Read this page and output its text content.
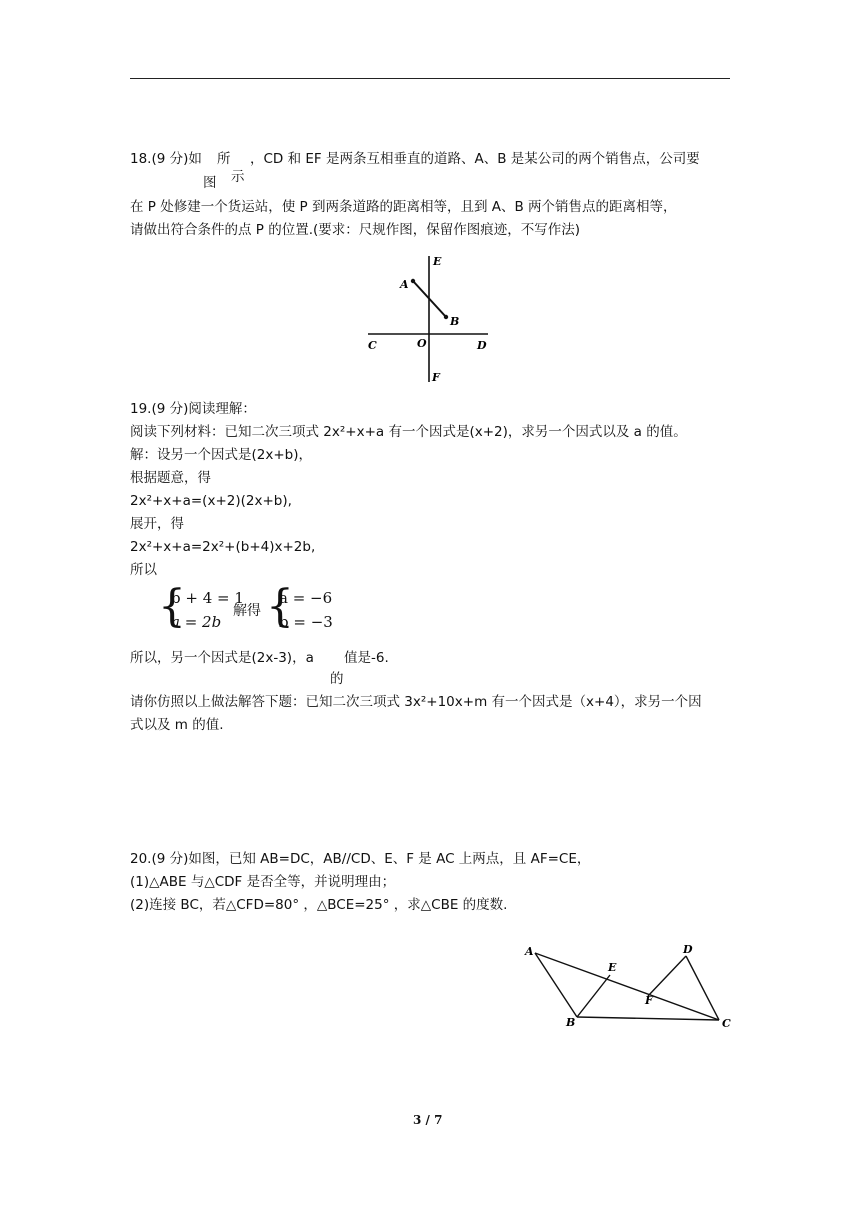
18.(9 分)如 所 ，CD 和 EF 是两条互相垂直的道路、A、B 是某公司的两个销售点，公司要
图 示
在 P 处修建一个货运站，使 P 到两条道路的距离相等，且到 A、B 两个销售点的距离相等，
请做出符合条件的点 P 的位置.(要求：尺规作图，保留作图痕迹，不写作法)
E
A
B
C	O	D
F
19.(9 分)阅读理解：
阅读下列材料：已知二次三项式 2x²+x+a 有一个因式是(x+2)，求另一个因式以及 a 的值。
解：设另一个因式是(2x+b)，
根据题意，得
2x²+x+a=(x+2)(2x+b),
展开，得
2x²+x+a=2x²+(b+4)x+2b,
所以
{
b + 4 = 1
a = 2b
解得 {
a = −6
b = −3
所以，另一个因式是(2x-3)，a 值是-6.
的
请你仿照以上做法解答下题：已知二次三项式 3x²+10x+m 有一个因式是（x+4），求另一个因
式以及 m 的值.
20.(9 分)如图，已知 AB=DC，AB//CD、E、F 是 AC 上两点，且 AF=CE，
(1)△ABE 与△CDF 是否全等，并说明理由；
(2)连接 BC，若△CFD=80° ，△BCE=25° ，求△CBE 的度数.
A
E
D
F
B	C
3 / 7
